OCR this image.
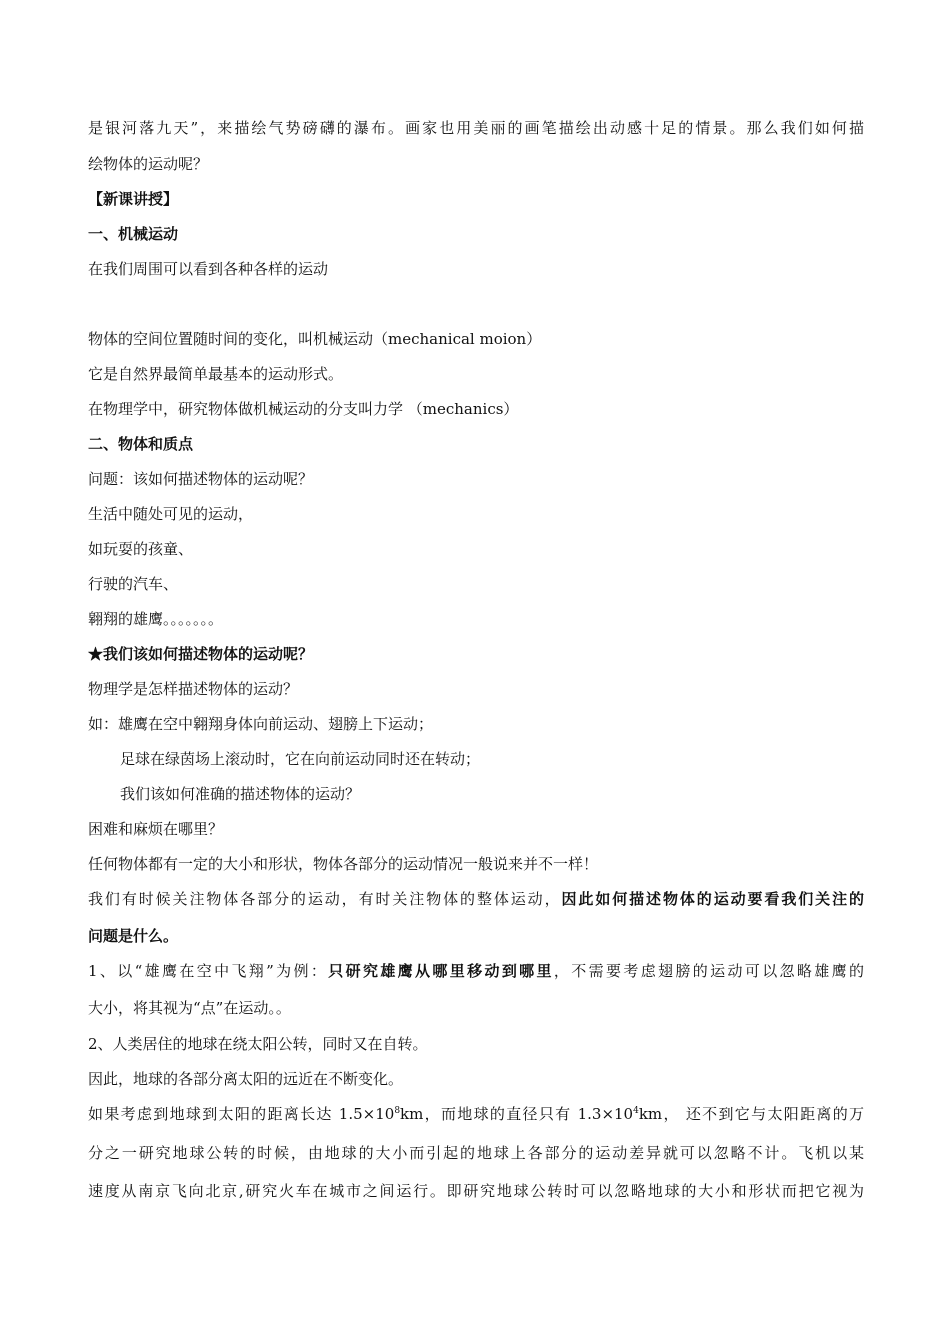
是银河落九天”，来描绘气势磅礴的瀑布。画家也用美丽的画笔描绘出动感十足的情景。那么我们如何描
绘物体的运动呢？
【新课讲授】
一、机械运动
在我们周围可以看到各种各样的运动
物体的空间位置随时间的变化，叫机械运动（mechanical moion）
它是自然界最简单最基本的运动形式。
在物理学中，研究物体做机械运动的分支叫力学 （mechanics）
二、物体和质点
问题：该如何描述物体的运动呢？
生活中随处可见的运动，
如玩耍的孩童、
行驶的汽车、
翱翔的雄鹰。。。。。。。
★我们该如何描述物体的运动呢？
物理学是怎样描述物体的运动？
如：雄鹰在空中翱翔身体向前运动、翅膀上下运动；
足球在绿茵场上滚动时，它在向前运动同时还在转动；
我们该如何准确的描述物体的运动？
困难和麻烦在哪里？
任何物体都有一定的大小和形状，物体各部分的运动情况一般说来并不一样！
我们有时候关注物体各部分的运动，有时关注物体的整体运动，因此如何描述物体的运动要看我们关注的
问题是什么。
1、以“雄鹰在空中飞翔”为例：只研究雄鹰从哪里移动到哪里，不需要考虑翅膀的运动可以忽略雄鹰的
大小，将其视为“点”在运动。。
2、人类居住的地球在绕太阳公转，同时又在自转。
因此，地球的各部分离太阳的远近在不断变化。
如果考虑到地球到太阳的距离长达 $1.5\times 10^8km$，而地球的直径只有 $1.3\times 10^4km$， 还不到它与太阳距离的万
分之一研究地球公转的时候，由地球的大小而引起的地球上各部分的运动差异就可以忽略不计。飞机以某
速度从南京飞向北京,研究火车在城市之间运行。即研究地球公转时可以忽略地球的大小和形状而把它视为
